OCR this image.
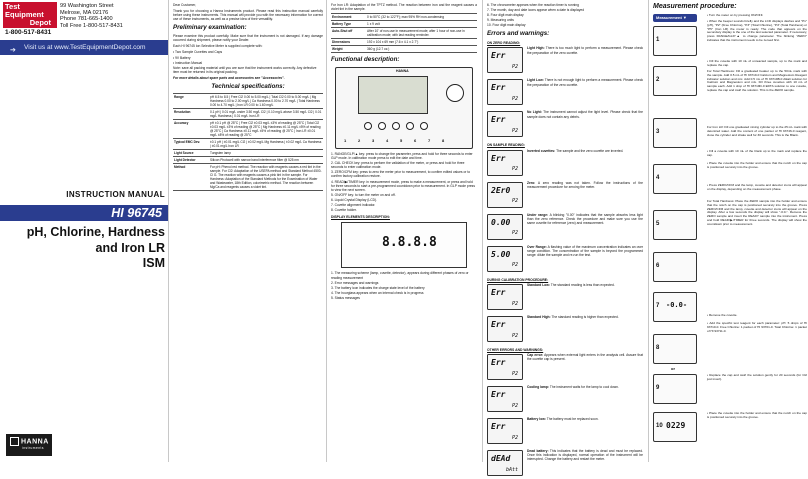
Test Equipment
Depot
1-800-517-8431
99 Washington Street
Melrose, MA 02176
Phone 781-665-1400
Toll Free 1-800-517-8431
➔ Visit us at www.TestEquipmentDepot.com
INSTRUCTION MANUAL
HI 96745
pH, Chlorine, Hardness
and Iron LR
ISM
HANNA
instruments
Dear Customer,
Thank you for choosing a Hanna Instruments product. Please read this instruction manual carefully before using these instruments. This manual will provide you with the necessary information for correct use of these instruments, as well as a precise idea of their versatility.
Preliminary examination:
Please examine this product carefully. Make sure that the instrument is not damaged. If any damage occurred during shipment, please notify your Dealer.
Each HI 96745 Ion Selective Meter is supplied complete with:
• Two Sample Cuvettes and Caps
• 9V Battery
• Instruction Manual
Note: save all packing material until you are sure that the instrument works correctly. Any defective item must be returned in its original packing.
For more details about spare parts and accessories see "Accessories".
Technical specifications:
Range	pH 6.5 to 8.5 | Free Cl2 0.00 to 5.00 mg/L | Total Cl2 0.00 to 5.00 mg/L | Mg Hardness 0.00 to 2.00 mg/L | Ca Hardness 0.00 to 2.70 mg/L | Total Hardness 0.00 to 4.70 mg/L | Iron LR 0.00 to 1.60 mg/L
Resolution	0.1 pH | 0.01 mg/L under 3.50 mg/L Cl2 | 0.10 mg/L above 3.50 mg/L Cl2 | 0.01 mg/L Hardness | 0.01 mg/L Iron LR
Accuracy	pH ±0.1 pH @ 25°C | Free Cl2 ±0.03 mg/L ±3% of reading @ 25°C | Total Cl2 ±0.03 mg/L ±3% of reading @ 25°C | Mg Hardness ±0.11 mg/L ±5% of reading @ 25°C | Ca Hardness ±0.11 mg/L ±5% of reading @ 25°C | Iron LR ±0.01 mg/L ±8% of reading @ 25°C
Typical EMC Dev.	±0.1 pH | ±0.01 mg/L Cl2 | ±0.02 mg/L Mg Hardness | ±0.02 mg/L Ca Hardness | ±0.01 mg/L Iron LR
Light Source	Tungsten lamp
Light Detector	Silicon Photocell with narrow band interference filter @ 525 nm
Method	For pH: Phenol red method. The reaction with reagents causes a red tint in the sample. For Cl2: Adaptation of the USEPA method and Standard Method 4500-Cl G. The reaction with reagents causes a pink tint in the sample. For Hardness: Adaptation of the Standard Methods for the Examination of Water and Wastewater, 18th Edition, colorimetric method. The reaction between Mg/Ca and reagents causes a violet tint.
For Iron LR: Adaptation of the TPTZ method. The reaction between iron and the reagent causes a violet tint in the sample.
Environment	0 to 50°C (32 to 122°F); max 95% RH non-condensing
Battery Type	1 x 9 volt
Auto-Shut off	After 10' of non-use in measurement mode; after 1 hour of non-use in calibration mode; with last reading reminder.
Dimensions	192 x 104 x 69 mm (7.6 x 4.1 x 2.7")
Weight	360 g (12.7 oz.)
Functional description:
HANNA
1	2	3	4	5	6	7	8
1. RANGE/GLP/▲ key: press to change the parameter, press and hold for three seconds to enter GLP mode. In calibration mode press to edit the date and time.
2. CAL CHECK key: press to perform the validation of the meter, or press and hold for three seconds to enter calibration mode.
3. ZERO/CFM key: press to zero the meter prior to measurement, to confirm edited values or to confirm factory calibration restore.
4. READ/▶/TIMER key: in measurement mode, press to make a measurement, or press and hold for three seconds to start a pre-programmed countdown prior to measurement. In GLP mode press to view the next screen.
5. ON/OFF key: to turn the meter on and off.
6. Liquid Crystal Display (LCD).
7. Cuvette alignment indicator.
8. Cuvette holder.
DISPLAY ELEMENTS DESCRIPTION:
8.8.8.8
1. The measuring scheme (lamp, cuvette, detector), appears during different phases of zero or reading measurement
2. Error messages and warnings
3. The battery icon indicates the charge state level of the battery
4. The hourglass appears when an internal check is in progress
5. Status messages
6. The chronometer appears when the reaction timer is running
7. The month, day and date icons appear when a date is displayed
8. Four digit main display
9. Measuring units
10. Four digit main display
Errors and warnings:
ON ZERO READING:
Err
P2
Light High: There is too much light to perform a measurement. Please check the preparation of the zero cuvette.
Err
P2
Light Low: There is not enough light to perform a measurement. Please check the preparation of the zero cuvette.
Err
P2
No Light: The instrument cannot adjust the light level. Please check that the sample does not contain any debris.
ON SAMPLE READING:
Err
P2
Inverted cuvettes: The sample and the zero cuvette are inverted.
2Er0
P2
Zero: A zero reading was not taken. Follow the instructions of the measurement procedure for zeroing the meter.
0.00
P2
Under range: A blinking "0.00" indicates that the sample absorbs less light than the zero reference. Check the procedure and make sure you use the same cuvette for reference (zero) and measurement.
5.00
P2
Over Range: A flashing value of the maximum concentration indicates an over range condition. The concentration of the sample is beyond the programmed range: dilute the sample and re-run the test.
DURING CALIBRATION PROCEDURE:
Err
P2
Standard Low: The standard reading is less than expected.
Err
P2
Standard High: The standard reading is higher than expected.
OTHER ERRORS AND WARNINGS:
Err
P2
Cap error: Appears when external light enters in the analysis cell. Assure that the cuvette cap is present.
Err
P2
Cooling lamp: The instrument waits for the lamp to cool down.
Err
P2
Battery low: The battery must be replaced soon.
dEAd
bAtt
Dead battery: This indicates that the battery is dead and must be replaced. Once this indication is displayed, normal operation of the instrument will be interrupted. Change the battery and restart the meter.
Measurement procedure:
Measurement ▼
1
2
3
4
5
6
7 -0.0-
8
or
9
10 0229
• Turn the meter on by pressing ON/OFF.
• When the beeper sounds briefly and the LCD displays dashes and "P1" (pH), "P2" (Free Chlorine), "P3" (Total Chlorine), "P4" (Total Hardness) or "P5" (Iron LR) the meter is ready. The code that appears on the secondary display is the one of the last selected parameter. If necessary, press RANGE/GLP/▲ to change parameter. The blinking "ZERO" indicates that the instrument needs to be zeroed first.
• Fill the cuvette with 10 mL of unreacted sample, up to the mark and replace the cap.
For Total Hardness: Fill a graduated beaker up to the 50mL mark with the sample. Add 0.5 mL of HI 93719-0 Calcium and Magnesium Reagent indicator solution and mix. Add 0.5 mL of HI 93719B-0 Alkali solution for Calcium and Magnesium and mix. Fill three cuvettes with 10 mL of sample each. Add 1 drop of HI 93719D-0 EDTA solution to one cuvette, replace the cap and swirl the solution. This is the ZERO sample.
For Iron LR: Fill one graduated mixing cylinder up to the 25 mL mark with deionized water. Add the content of one packet of HI 93746-0 reagent, close the cylinder and shake well for 30 seconds. This is the Blank.
• Fill a cuvette with 10 mL of the blank up to the mark and replace the cap.
• Place the cuvette into the holder and ensure that the notch on the cap is positioned securely into the groove.
• Press ZERO/CFM and the lamp, cuvette and detector icons will appear on the display, depending on the measurement phase.
For Total Hardness: Place the ZERO sample into the holder and ensure that the notch on the cap is positioned securely into the groove. Press ZERO/CFM and the lamp, cuvette and detector icons will appear on the display. After a few seconds the display will show "-0.0-". Remove the ZERO sample and insert the READY sample into the instrument. Press and hold READ/▶/TIMER for three seconds. The display will show the countdown prior to measurement.
• Remove the cuvette.
• Add the specific test reagent for each parameter: pH: 5 drops of HI 93710-0. Free Chlorine: 1 packet of HI 93701-0. Total Chlorine: 1 packet of HI 93711-0.
• Replace the cap and swirl the solution gently for 20 seconds (for Cl2 just invert).
• Place the cuvette into the holder and ensure that the notch on the cap is positioned securely into the groove.
